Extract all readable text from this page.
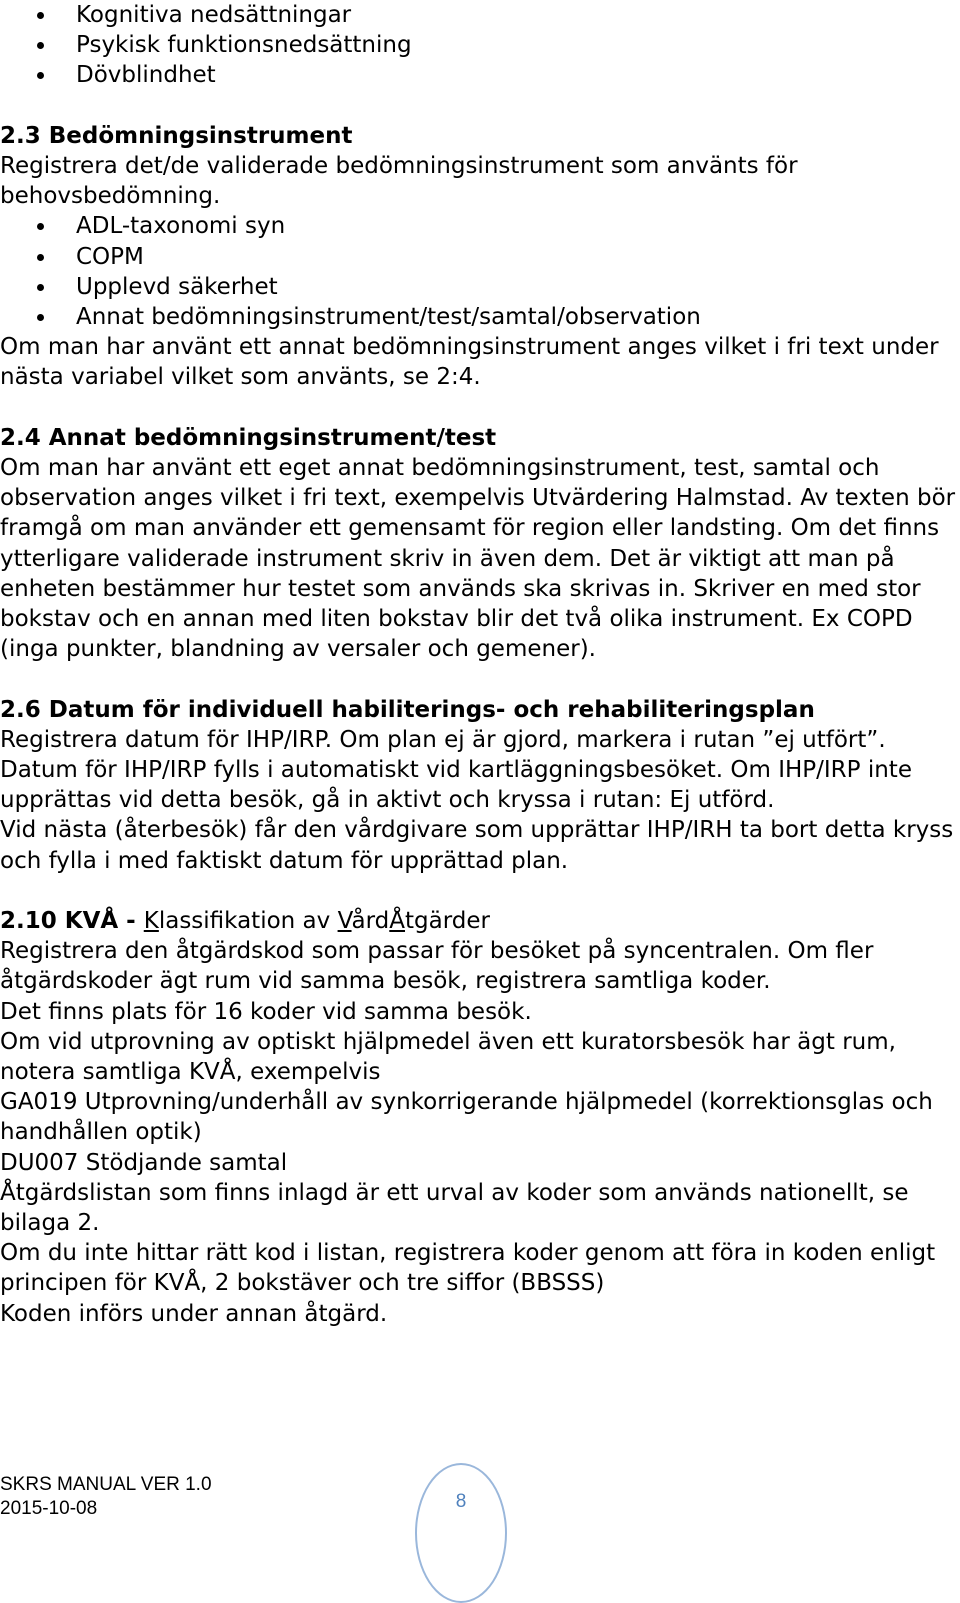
Kognitiva nedsättningar
Psykisk funktionsnedsättning
Dövblindhet

2.3 Bedömningsinstrument

Registrera det/de validerade bedömningsinstrument som använts för behovsbedömning.

ADL-taxonomi syn
COPM
Upplevd säkerhet
Annat bedömningsinstrument/test/samtal/observation

Om man har använt ett annat bedömningsinstrument anges vilket i fri text under nästa variabel vilket som använts, se 2:4.

2.4 Annat bedömningsinstrument/test

Om man har använt ett eget annat bedömningsinstrument, test, samtal och observation anges vilket i fri text, exempelvis Utvärdering Halmstad. Av texten bör framgå om man använder ett gemensamt för region eller landsting. Om det finns ytterligare validerade instrument skriv in även dem. Det är viktigt att man på enheten bestämmer hur testet som används ska skrivas in. Skriver en med stor bokstav och en annan med liten bokstav blir det två olika instrument. Ex COPD (inga punkter, blandning av versaler och gemener).

2.6 Datum för individuell habiliterings- och rehabiliteringsplan

Registrera datum för IHP/IRP. Om plan ej är gjord, markera i rutan ”ej utfört”.

Datum för IHP/IRP fylls i automatiskt vid kartläggningsbesöket. Om IHP/IRP inte upprättas vid detta besök, gå in aktivt och kryssa i rutan: Ej utförd.

Vid nästa (återbesök) får den vårdgivare som upprättar IHP/IRH ta bort detta kryss och fylla i med faktiskt datum för upprättad plan.

2.10 KVÅ - Klassifikation av VårdÅtgärder

Registrera den åtgärdskod som passar för besöket på syncentralen. Om fler åtgärdskoder ägt rum vid samma besök, registrera samtliga koder.

Det finns plats för 16 koder vid samma besök.

Om vid utprovning av optiskt hjälpmedel även ett kuratorsbesök har ägt rum, notera samtliga KVÅ, exempelvis

GA019 Utprovning/underhåll av synkorrigerande hjälpmedel (korrektionsglas och handhållen optik)

DU007 Stödjande samtal

Åtgärdslistan som finns inlagd är ett urval av koder som används nationellt, se bilaga 2.

Om du inte hittar rätt kod i listan, registrera koder genom att föra in koden enligt principen för KVÅ, 2 bokstäver och tre siffor (BBSSS)

Koden införs under annan åtgärd.

SKRS MANUAL VER 1.0
2015-10-08	8
